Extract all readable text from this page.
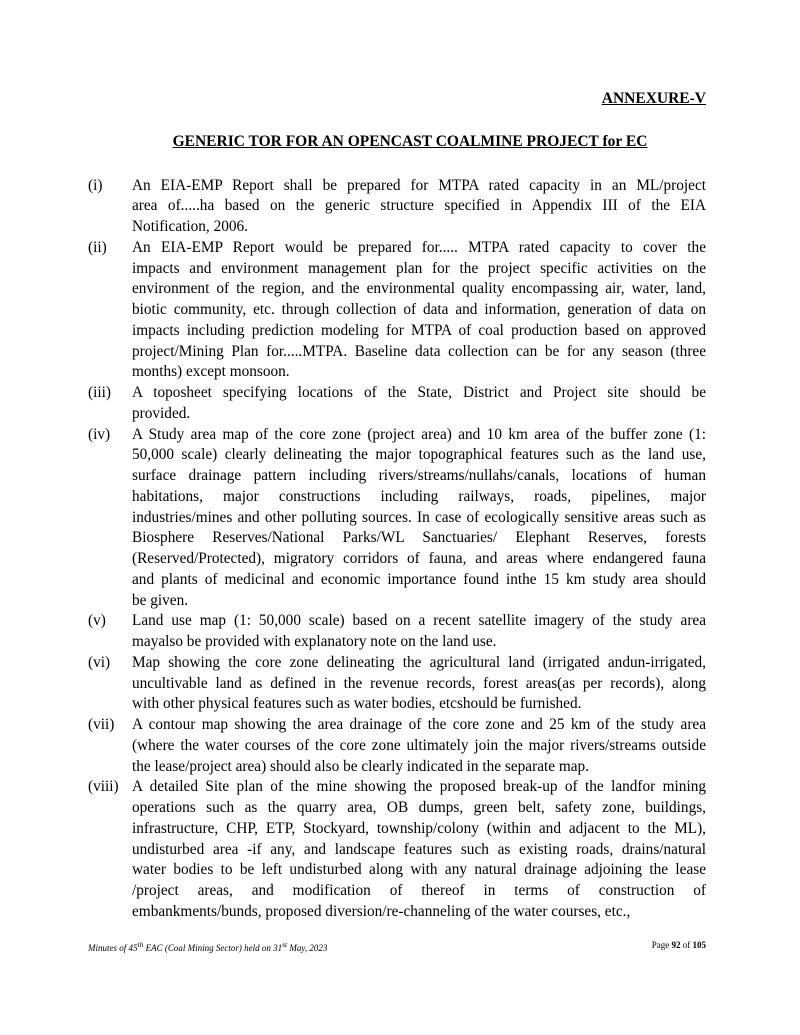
ANNEXURE-V
GENERIC TOR FOR AN OPENCAST COALMINE PROJECT for EC
(i) An EIA-EMP Report shall be prepared for MTPA rated capacity in an ML/project
area of.....ha based on the generic structure specified in Appendix III of the EIA
Notification, 2006.
(ii) An EIA-EMP Report would be prepared for..... MTPA rated capacity to cover the
impacts and environment management plan for the project specific activities on the
environment of the region, and the environmental quality encompassing air, water, land,
biotic community, etc. through collection of data and information, generation of data on
impacts including prediction modeling for MTPA of coal production based on approved
project/Mining Plan for.....MTPA. Baseline data collection can be for any season (three
months) except monsoon.
(iii) A toposheet specifying locations of the State, District and Project site should be
provided.
(iv) A Study area map of the core zone (project area) and 10 km area of the buffer zone (1:
50,000 scale) clearly delineating the major topographical features such as the land use,
surface drainage pattern including rivers/streams/nullahs/canals, locations of human
habitations, major constructions including railways, roads, pipelines, major
industries/mines and other polluting sources. In case of ecologically sensitive areas such as
Biosphere Reserves/National Parks/WL Sanctuaries/ Elephant Reserves, forests
(Reserved/Protected), migratory corridors of fauna, and areas where endangered fauna
and plants of medicinal and economic importance found inthe 15 km study area should
be given.
(v) Land use map (1: 50,000 scale) based on a recent satellite imagery of the study area
mayalso be provided with explanatory note on the land use.
(vi) Map showing the core zone delineating the agricultural land (irrigated andun-irrigated,
uncultivable land as defined in the revenue records, forest areas(as per records), along
with other physical features such as water bodies, etcshould be furnished.
(vii) A contour map showing the area drainage of the core zone and 25 km of the study area
(where the water courses of the core zone ultimately join the major rivers/streams outside
the lease/project area) should also be clearly indicated in the separate map.
(viii) A detailed Site plan of the mine showing the proposed break-up of the landfor mining
operations such as the quarry area, OB dumps, green belt, safety zone, buildings,
infrastructure, CHP, ETP, Stockyard, township/colony (within and adjacent to the ML),
undisturbed area -if any, and landscape features such as existing roads, drains/natural
water bodies to be left undisturbed along with any natural drainage adjoining the lease
/project areas, and modification of thereof in terms of construction of
embankments/bunds, proposed diversion/re-channeling of the water courses, etc.,
Minutes of 45th EAC (Coal Mining Sector) held on 31st May, 2023	Page 92 of 105
